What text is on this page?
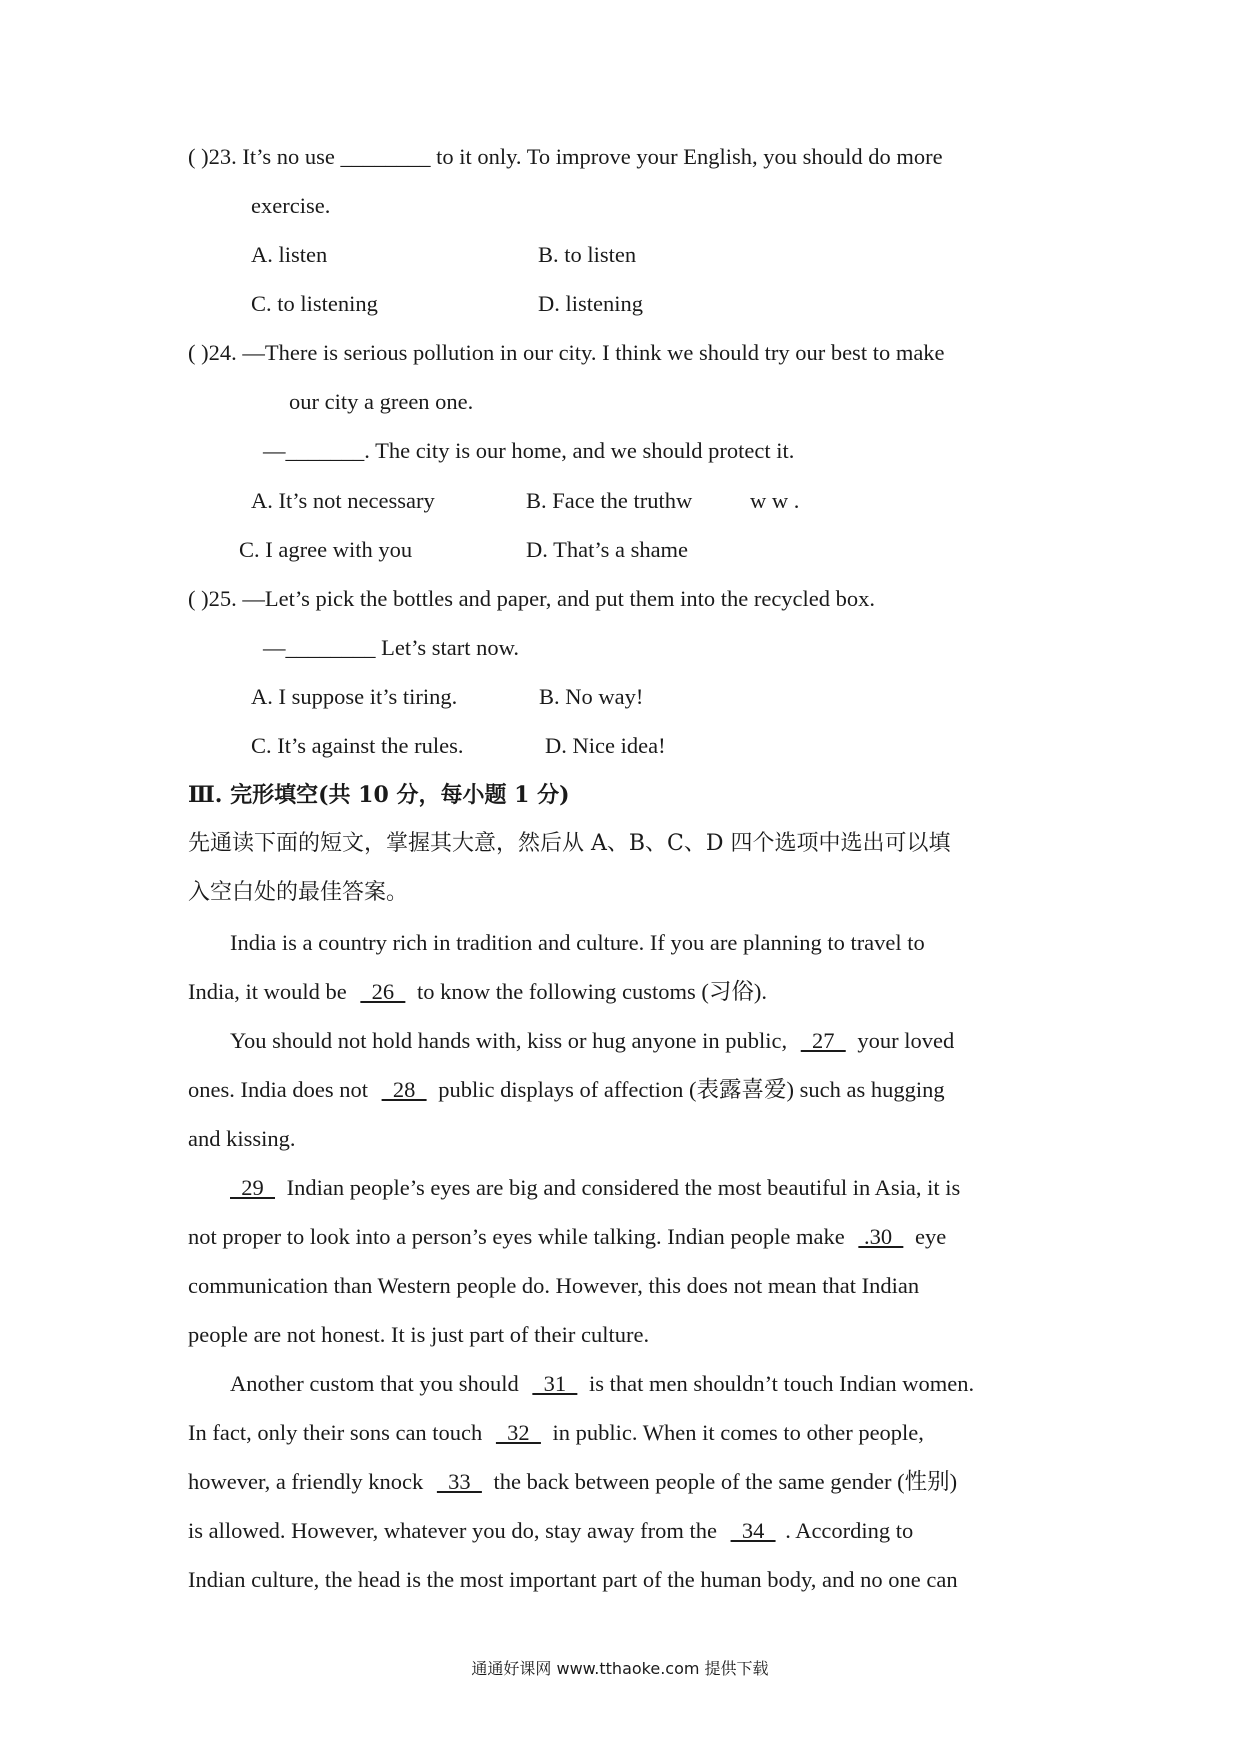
( )23. It’s no use ________ to it only. To improve your English, you should do more
exercise.
A. listen	B. to listen
C. to listening	D. listening
( )24. —There is serious pollution in our city. I think we should try our best to make
our city a green one.
—_______. The city is our home, and we should protect it.
A. It’s not necessary	B. Face the truthw	w w .
C. I agree with you	D. That’s a shame
( )25. —Let’s pick the bottles and paper, and put them into the recycled box.
—________ Let’s start now.
A. I suppose it’s tiring.	B. No way!
C. It’s against the rules.	D. Nice idea!
Ⅲ. 完形填空(共 10 分，每小题 1 分)
先通读下面的短文，掌握其大意，然后从 A、B、C、D 四个选项中选出可以填
入空白处的最佳答案。
India is a country rich in tradition and culture. If you are planning to travel to
India, it would be   26   to know the following customs (习俗).
You should not hold hands with, kiss or hug anyone in public,   27   your loved
ones. India does not   28   public displays of affection (表露喜爱) such as hugging
and kissing.
29   Indian people’s eyes are big and considered the most beautiful in Asia, it is
not proper to look into a person’s eyes while talking. Indian people make  .30   eye
communication than Western people do. However, this does not mean that Indian
people are not honest. It is just part of their culture.
Another custom that you should   31   is that men shouldn’t touch Indian women.
In fact, only their sons can touch   32   in public. When it comes to other people,
however, a friendly knock   33   the back between people of the same gender (性别)
is allowed. However, whatever you do, stay away from the   34   . According to
Indian culture, the head is the most important part of the human body, and no one can
通通好课网 www.tthaoke.com 提供下载
